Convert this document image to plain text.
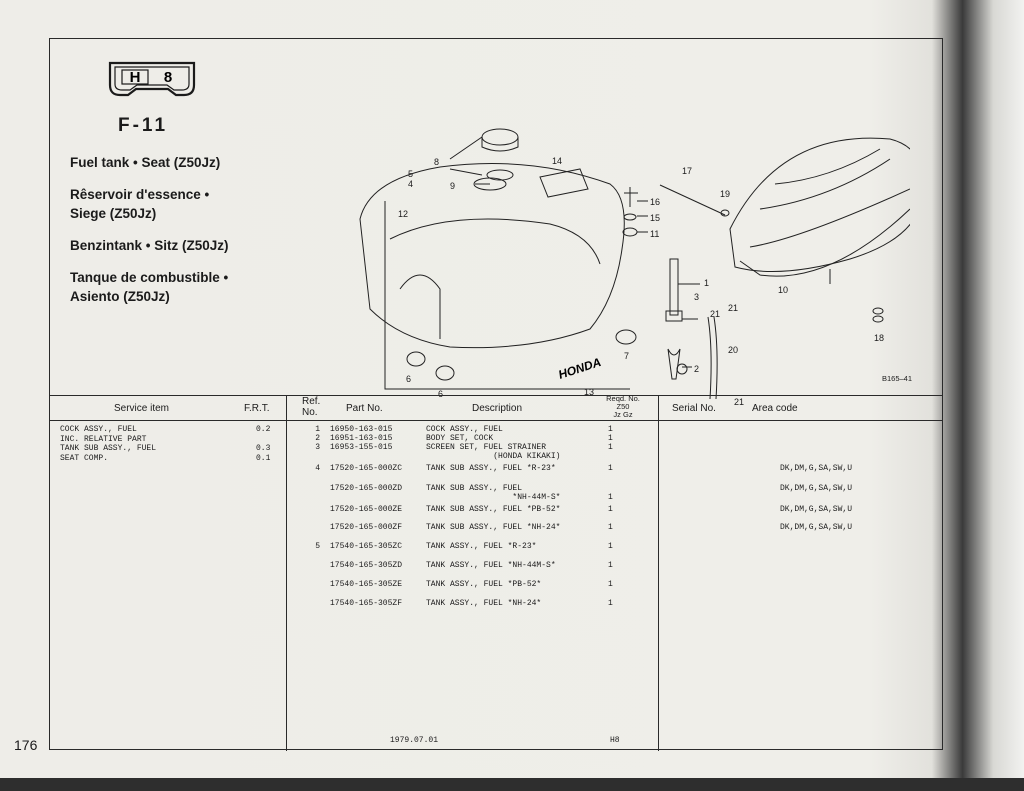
H 8
F-11
Fuel tank • Seat (Z50Jz)
Rêservoir d'essence •
Siege (Z50Jz)
Benzintank • Sitz (Z50Jz)
Tanque de combustible •
Asiento (Z50Jz)
1
2
3
4
5
6
6
7
8
9
10
11
12
13
14
15
16
17
18
19
20
21
21
21
HONDA	B165–41
Service item	F.R.T.
Ref.
No.	Part No.	Description
Reqd. No.
Z50
Jz Gz
Serial No.	Area code
COCK ASSY., FUEL	0.2
INC. RELATIVE PART
TANK SUB ASSY., FUEL	0.3
SEAT COMP.	0.1
1 16950-163-015	COCK ASSY., FUEL	1
2 16951-163-015	BODY SET, COCK	1
3 16953-155-015	SCREEN SET, FUEL STRAINER	1
(HONDA KIKAKI)
4 17520-165-000ZC	TANK SUB ASSY., FUEL *R-23*	1	DK,DM,G,SA,SW,U
17520-165-000ZD	TANK SUB ASSY., FUEL	DK,DM,G,SA,SW,U
*NH-44M-S*	1
17520-165-000ZE	TANK SUB ASSY., FUEL *PB-52*	1	DK,DM,G,SA,SW,U
17520-165-000ZF	TANK SUB ASSY., FUEL *NH-24*	1	DK,DM,G,SA,SW,U
5 17540-165-305ZC	TANK ASSY., FUEL *R-23*	1
17540-165-305ZD	TANK ASSY., FUEL *NH-44M-S*	1
17540-165-305ZE	TANK ASSY., FUEL *PB-52*	1
17540-165-305ZF	TANK ASSY., FUEL *NH-24*	1
1979.07.01	H8
176
